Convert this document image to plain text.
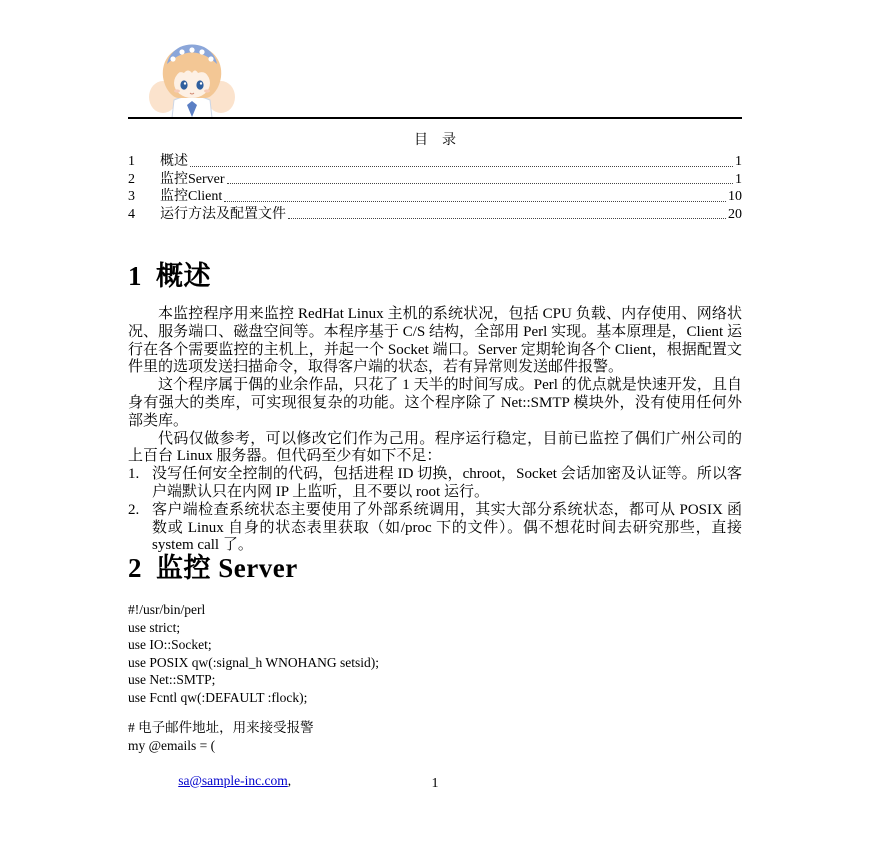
目　录
1	概述	1
2	监控Server	1
3	监控Client	10
4	运行方法及配置文件	20
1 概述

本监控程序用来监控 RedHat Linux 主机的系统状况，包括 CPU 负载、内存使用、网络状况、服务端口、磁盘空间等。本程序基于 C/S 结构，全部用 Perl 实现。基本原理是，Client 运行在各个需要监控的主机上，并起一个 Socket 端口。Server 定期轮询各个 Client，根据配置文件里的选项发送扫描命令，取得客户端的状态，若有异常则发送邮件报警。

这个程序属于偶的业余作品，只花了 1 天半的时间写成。Perl 的优点就是快速开发，且自身有强大的类库，可实现很复杂的功能。这个程序除了 Net::SMTP 模块外，没有使用任何外部类库。

代码仅做参考，可以修改它们作为己用。程序运行稳定，目前已监控了偶们广州公司的上百台 Linux 服务器。但代码至少有如下不足：

1. 没写任何安全控制的代码，包括进程 ID 切换，chroot，Socket 会话加密及认证等。所以客户端默认只在内网 IP 上监听，且不要以 root 运行。
2. 客户端检查系统状态主要使用了外部系统调用，其实大部分系统状态，都可从 POSIX 函数或 Linux 自身的状态表里获取（如/proc 下的文件）。偶不想花时间去研究那些，直接 system call 了。
2 监控 Server
#!/usr/bin/perl
use strict;
use IO::Socket;
use POSIX qw(:signal_h WNOHANG setsid);
use Net::SMTP;
use Fcntl qw(:DEFAULT :flock);
# 电子邮件地址，用来接受报警
my @emails = (

sa@sample-inc.com,
	1
